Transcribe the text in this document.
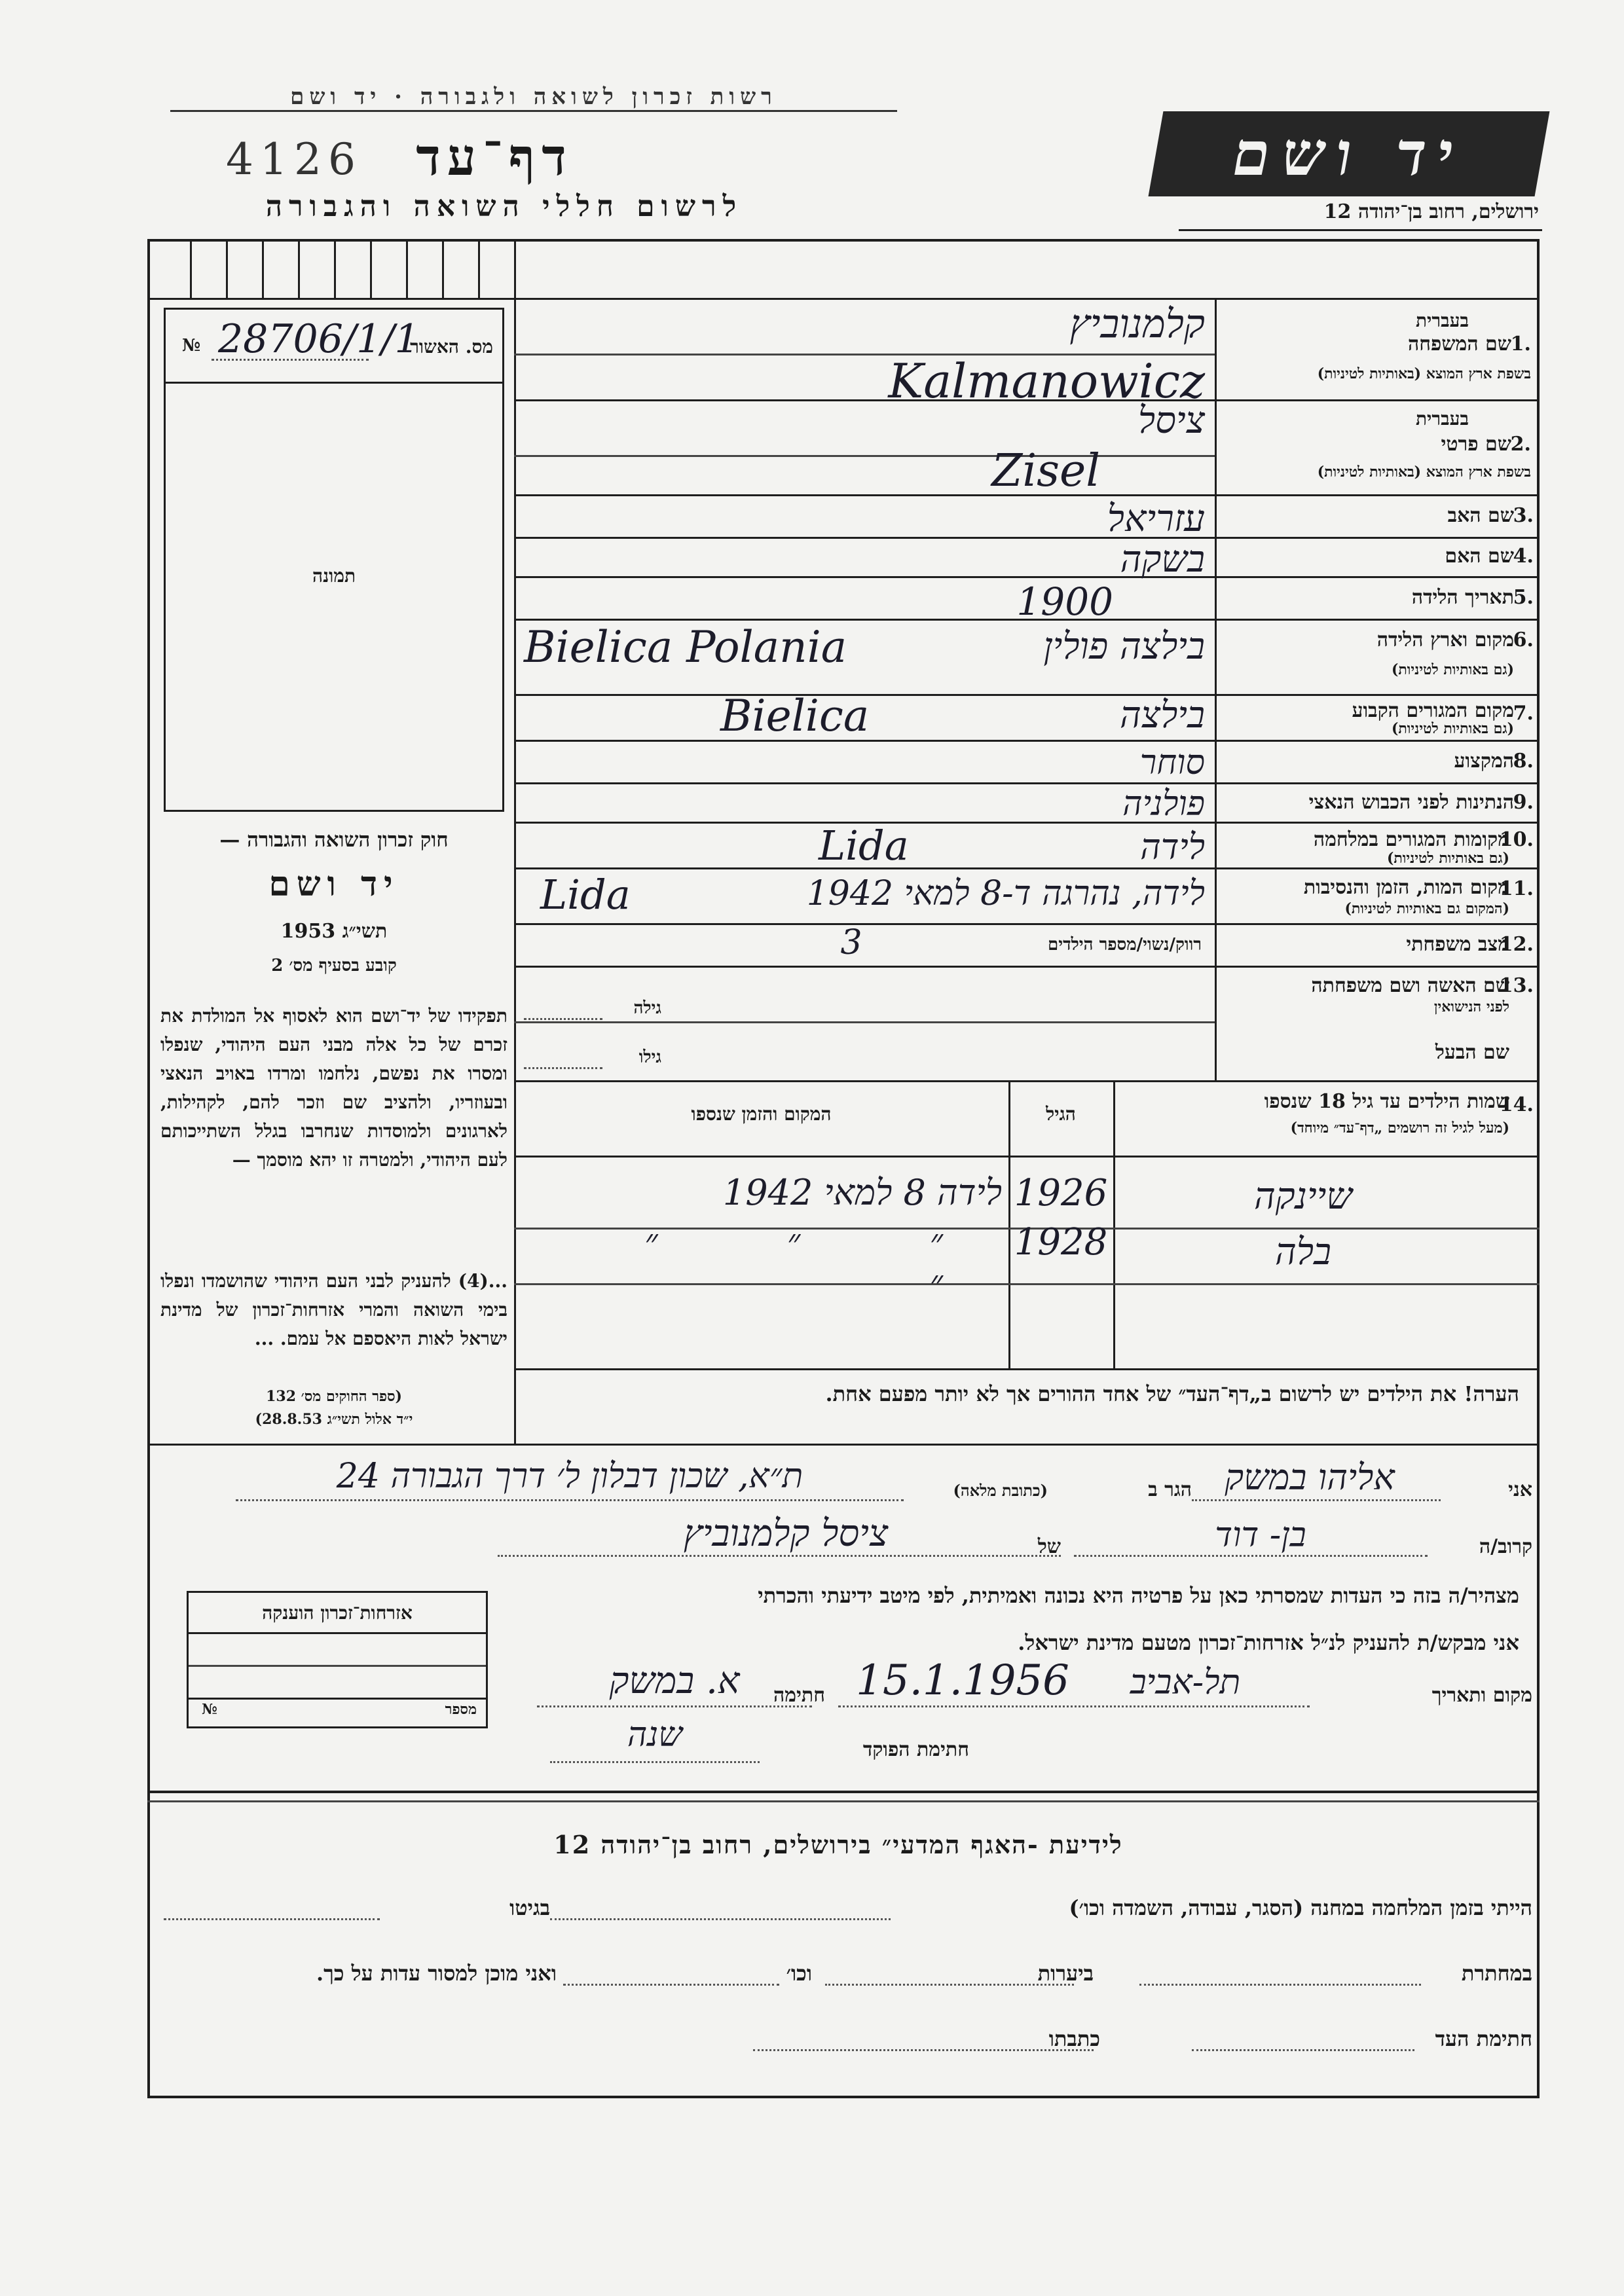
רשות זכרון לשואה ולגבורה · יד ושם
4126	דף־עד
לרשום חללי השואה והגבורה
יד ושם
ירושלים, רחוב בן־יהודה 12
№ 28706/1/1
מס. האשור
תמונה
חוק זכרון השואה והגבורה —
יד ושם
תשי״ג 1953
קובע בסעיף מס׳ 2
תפקידו של יד־ושם הוא לאסוף אל המולדת את זכרם של כל אלה מבני העם היהודי, שנפלו ומסרו את נפשם, נלחמו ומרדו באויב הנאצי ובעוזריו, ולהציב שם וזכר להם, לקהילות, לארגונים ולמוסדות שנחרבו בגלל השתייכותם לעם היהודי, ולמטרה זו יהא מוסמך —
...(4) להעניק לבני העם היהודי שהושמדו ונפלו בימי השואה והמרי אזרחות־זכרון של מדינת ישראל לאות היאספם אל עמם. ...
(ספר החוקים מס׳ 132
י״ד אלול תשי״ג 28.8.53)
בעברית
1.
שם המשפחה
בשפת ארץ המוצא (באותיות לטיניות)
קלמנוביץ
Kalmanowicz
בעברית
2.
שם פרטי
בשפת ארץ המוצא (באותיות לטיניות)
ציסל
Zisel
3.
שם האב
עזריאל
4.
שם האם
בשקה
5.
תאריך הלידה
1900
6.
מקום וארץ הלידה
(גם באותיות לטיניות)
בילצה פולין
Bielica Polania
7.
מקום המגורים הקבוע
(גם באותיות לטיניות)
בילצה
Bielica
8.
המקצוע
סוחר
9.
הנתינות לפני הכבוש הנאצי
פולניה
10.
מקומות המגורים במלחמה
(גם באותיות לטיניות)
לידה
Lida
11.
מקום המות, הזמן והנסיבות
(המקום גם באותיות לטיניות)
לידה, נהרגה ד-8 למאי 1942
Lida
12.
מצב משפחתי
רווק/נשוי/מספר הילדים
3
13.
שם האשה ושם משפחתה
לפני הנישואין
גילה
שם הבעל
גילו
14.
שמות הילדים עד גיל 18 שנספו
(מעל לגיל זה רושמים „דף־עד״ מיוחד)
הגיל
המקום והזמן שנספו
שיינקה
1926
לידה 8 למאי 1942
בלה
1928
״ ״ ״ ״
הערה! את הילדים יש לרשום ב„דף־העד״ של אחד ההורים אך לא יותר מפעם אחת.
אני
אליהו במשק
הגר ב
(כתובת מלאה)
ת״א, שכון דבלון ל׳ דרך הגבורה 24
קרוב/ה
בן- דוד
של
ציסל קלמנוביץ
מצהיר/ה בזה כי העדות שמסרתי כאן על פרטיה היא נכונה ואמיתית, לפי מיטב ידיעתי והכרתי
אני מבקש/ת להעניק לנ״ל אזרחות־זכרון מטעם מדינת ישראל.
מקום ותאריך
תל-אביב
15.1.1956
חתימה
א. במשק
חתימת הפוקד
שנה
אזרחות־זכרון הוענקה
מספר
№
לידיעת -האגף המדעי״ בירושלים, רחוב בן־יהודה 12
הייתי בזמן המלחמה במחנה (הסגר, עבודה, השמדה וכו׳)
בגיטו
במחתרת
ביערות
וכו׳
ואני מוכן למסור עדות על כך.
חתימת העד
כתבתו
